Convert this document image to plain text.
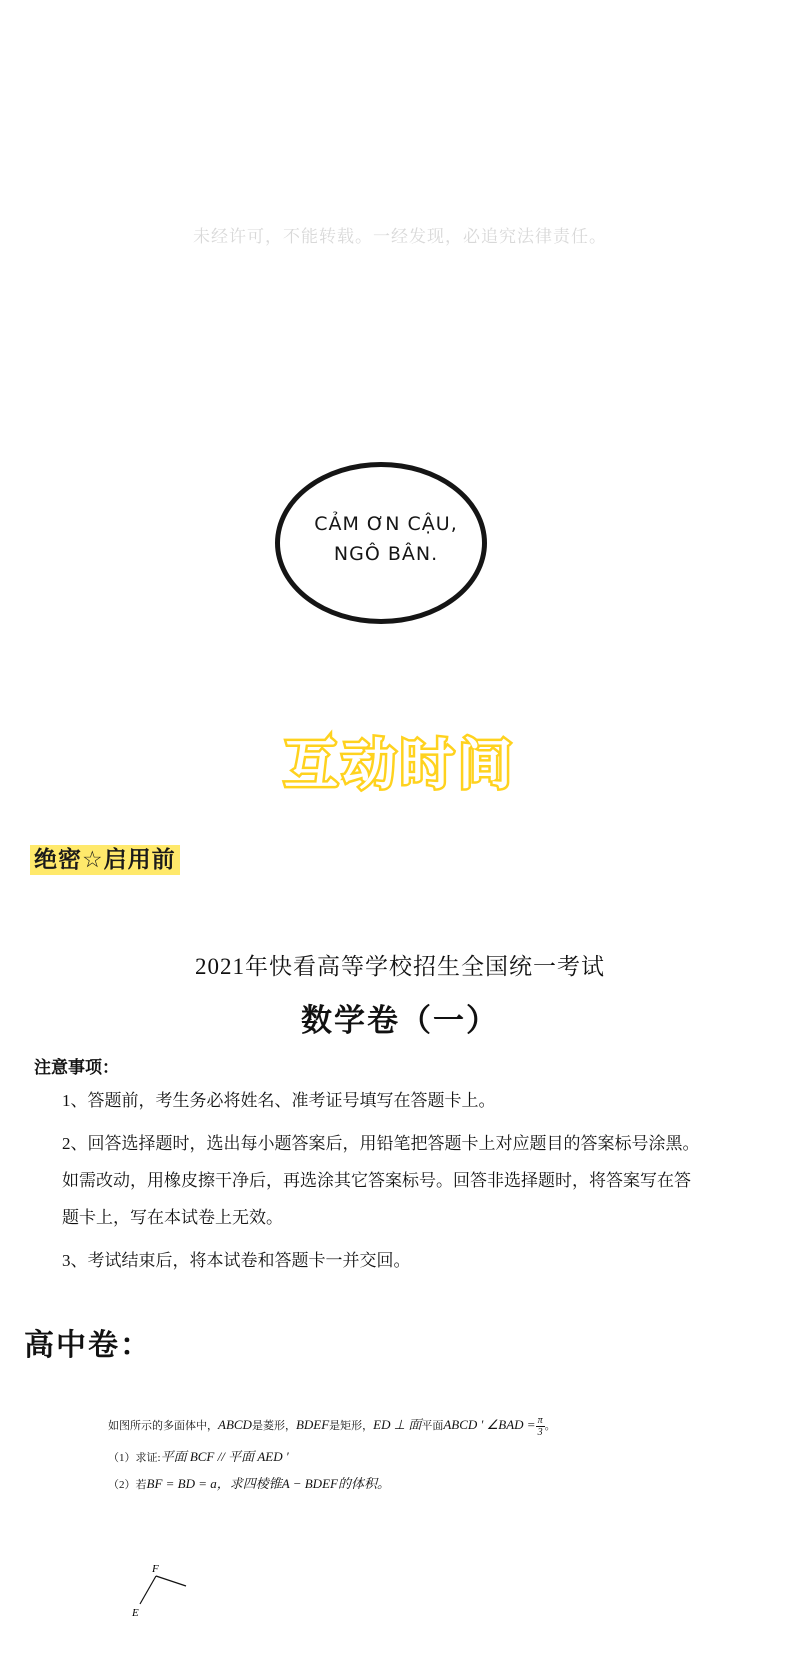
未经许可，不能转载。一经发现，必追究法律责任。
CẢM ƠN CẬU,
NGÔ BÂN.
互动时间
绝密☆启用前
2021年快看高等学校招生全国统一考试
数学卷（一）
注意事项：
1、答题前，考生务必将姓名、准考证号填写在答题卡上。
2、回答选择题时，选出每小题答案后，用铅笔把答题卡上对应题目的答案标号涂黑。如需改动，用橡皮擦干净后，再选涂其它答案标号。回答非选择题时，将答案写在答题卡上，写在本试卷上无效。
3、考试结束后，将本试卷和答题卡一并交回。
高中卷：
如图所示的多面体中，ABCD是菱形，BDEF是矩形，ED ⊥ 面平面ABCD ′ ∠BAD = $\frac{\pi}{3}$ 。
（1）求证:平面 BCF // 平面 AED ′
（2）若BF = BD = a，求四棱锥A − BDEF的体积。
F
E
